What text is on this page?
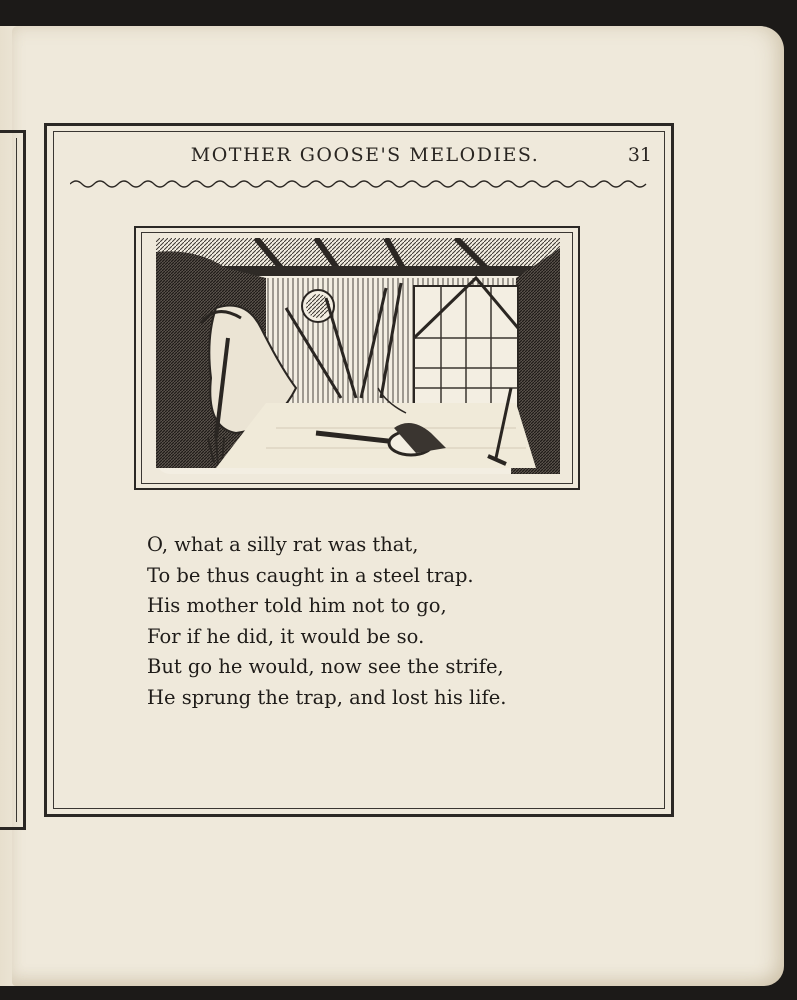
MOTHER GOOSE'S MELODIES.	31
O, what a silly rat was that,
To be thus caught in a steel trap.
His mother told him not to go,
For if he did, it would be so.
But go he would, now see the strife,
He sprung the trap, and lost his life.
